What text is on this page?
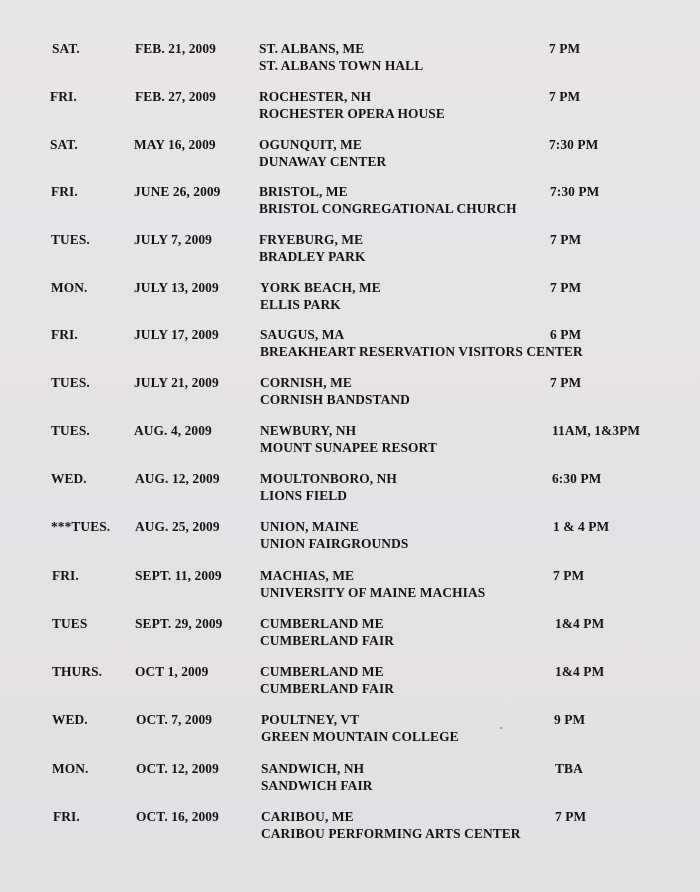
SAT.	FEB. 21, 2009	ST. ALBANS, ME
ST. ALBANS TOWN HALL
7 PM
FRI.	FEB. 27, 2009	ROCHESTER, NH
ROCHESTER OPERA HOUSE
7 PM
SAT.	MAY 16, 2009	OGUNQUIT, ME
DUNAWAY CENTER
7:30 PM
FRI.	JUNE 26, 2009	BRISTOL, ME
BRISTOL CONGREGATIONAL CHURCH
7:30 PM
TUES.	JULY 7, 2009	FRYEBURG, ME
BRADLEY PARK
7 PM
MON.	JULY 13, 2009	YORK BEACH, ME
ELLIS PARK
7 PM
FRI.	JULY 17, 2009	SAUGUS, MA
BREAKHEART RESERVATION VISITORS CENTER
6 PM
TUES.	JULY 21, 2009	CORNISH, ME
CORNISH BANDSTAND
7 PM
TUES.	AUG. 4, 2009	NEWBURY, NH
MOUNT SUNAPEE RESORT
11AM, 1&3PM
WED.	AUG. 12, 2009	MOULTONBORO, NH
LIONS FIELD
6:30 PM
***TUES. AUG. 25, 2009	UNION, MAINE
UNION FAIRGROUNDS
1 & 4 PM
FRI.	SEPT. 11, 2009	MACHIAS, ME
UNIVERSITY OF MAINE MACHIAS
7 PM
TUES	SEPT. 29, 2009	CUMBERLAND ME
CUMBERLAND FAIR
1&4 PM
THURS. OCT 1, 2009	CUMBERLAND ME
CUMBERLAND FAIR
1&4 PM
WED.	OCT. 7, 2009	POULTNEY, VT
GREEN MOUNTAIN COLLEGE
9 PM
MON.	OCT. 12, 2009	SANDWICH, NH
SANDWICH FAIR
TBA
FRI.	OCT. 16, 2009	CARIBOU, ME
CARIBOU PERFORMING ARTS CENTER
7 PM
